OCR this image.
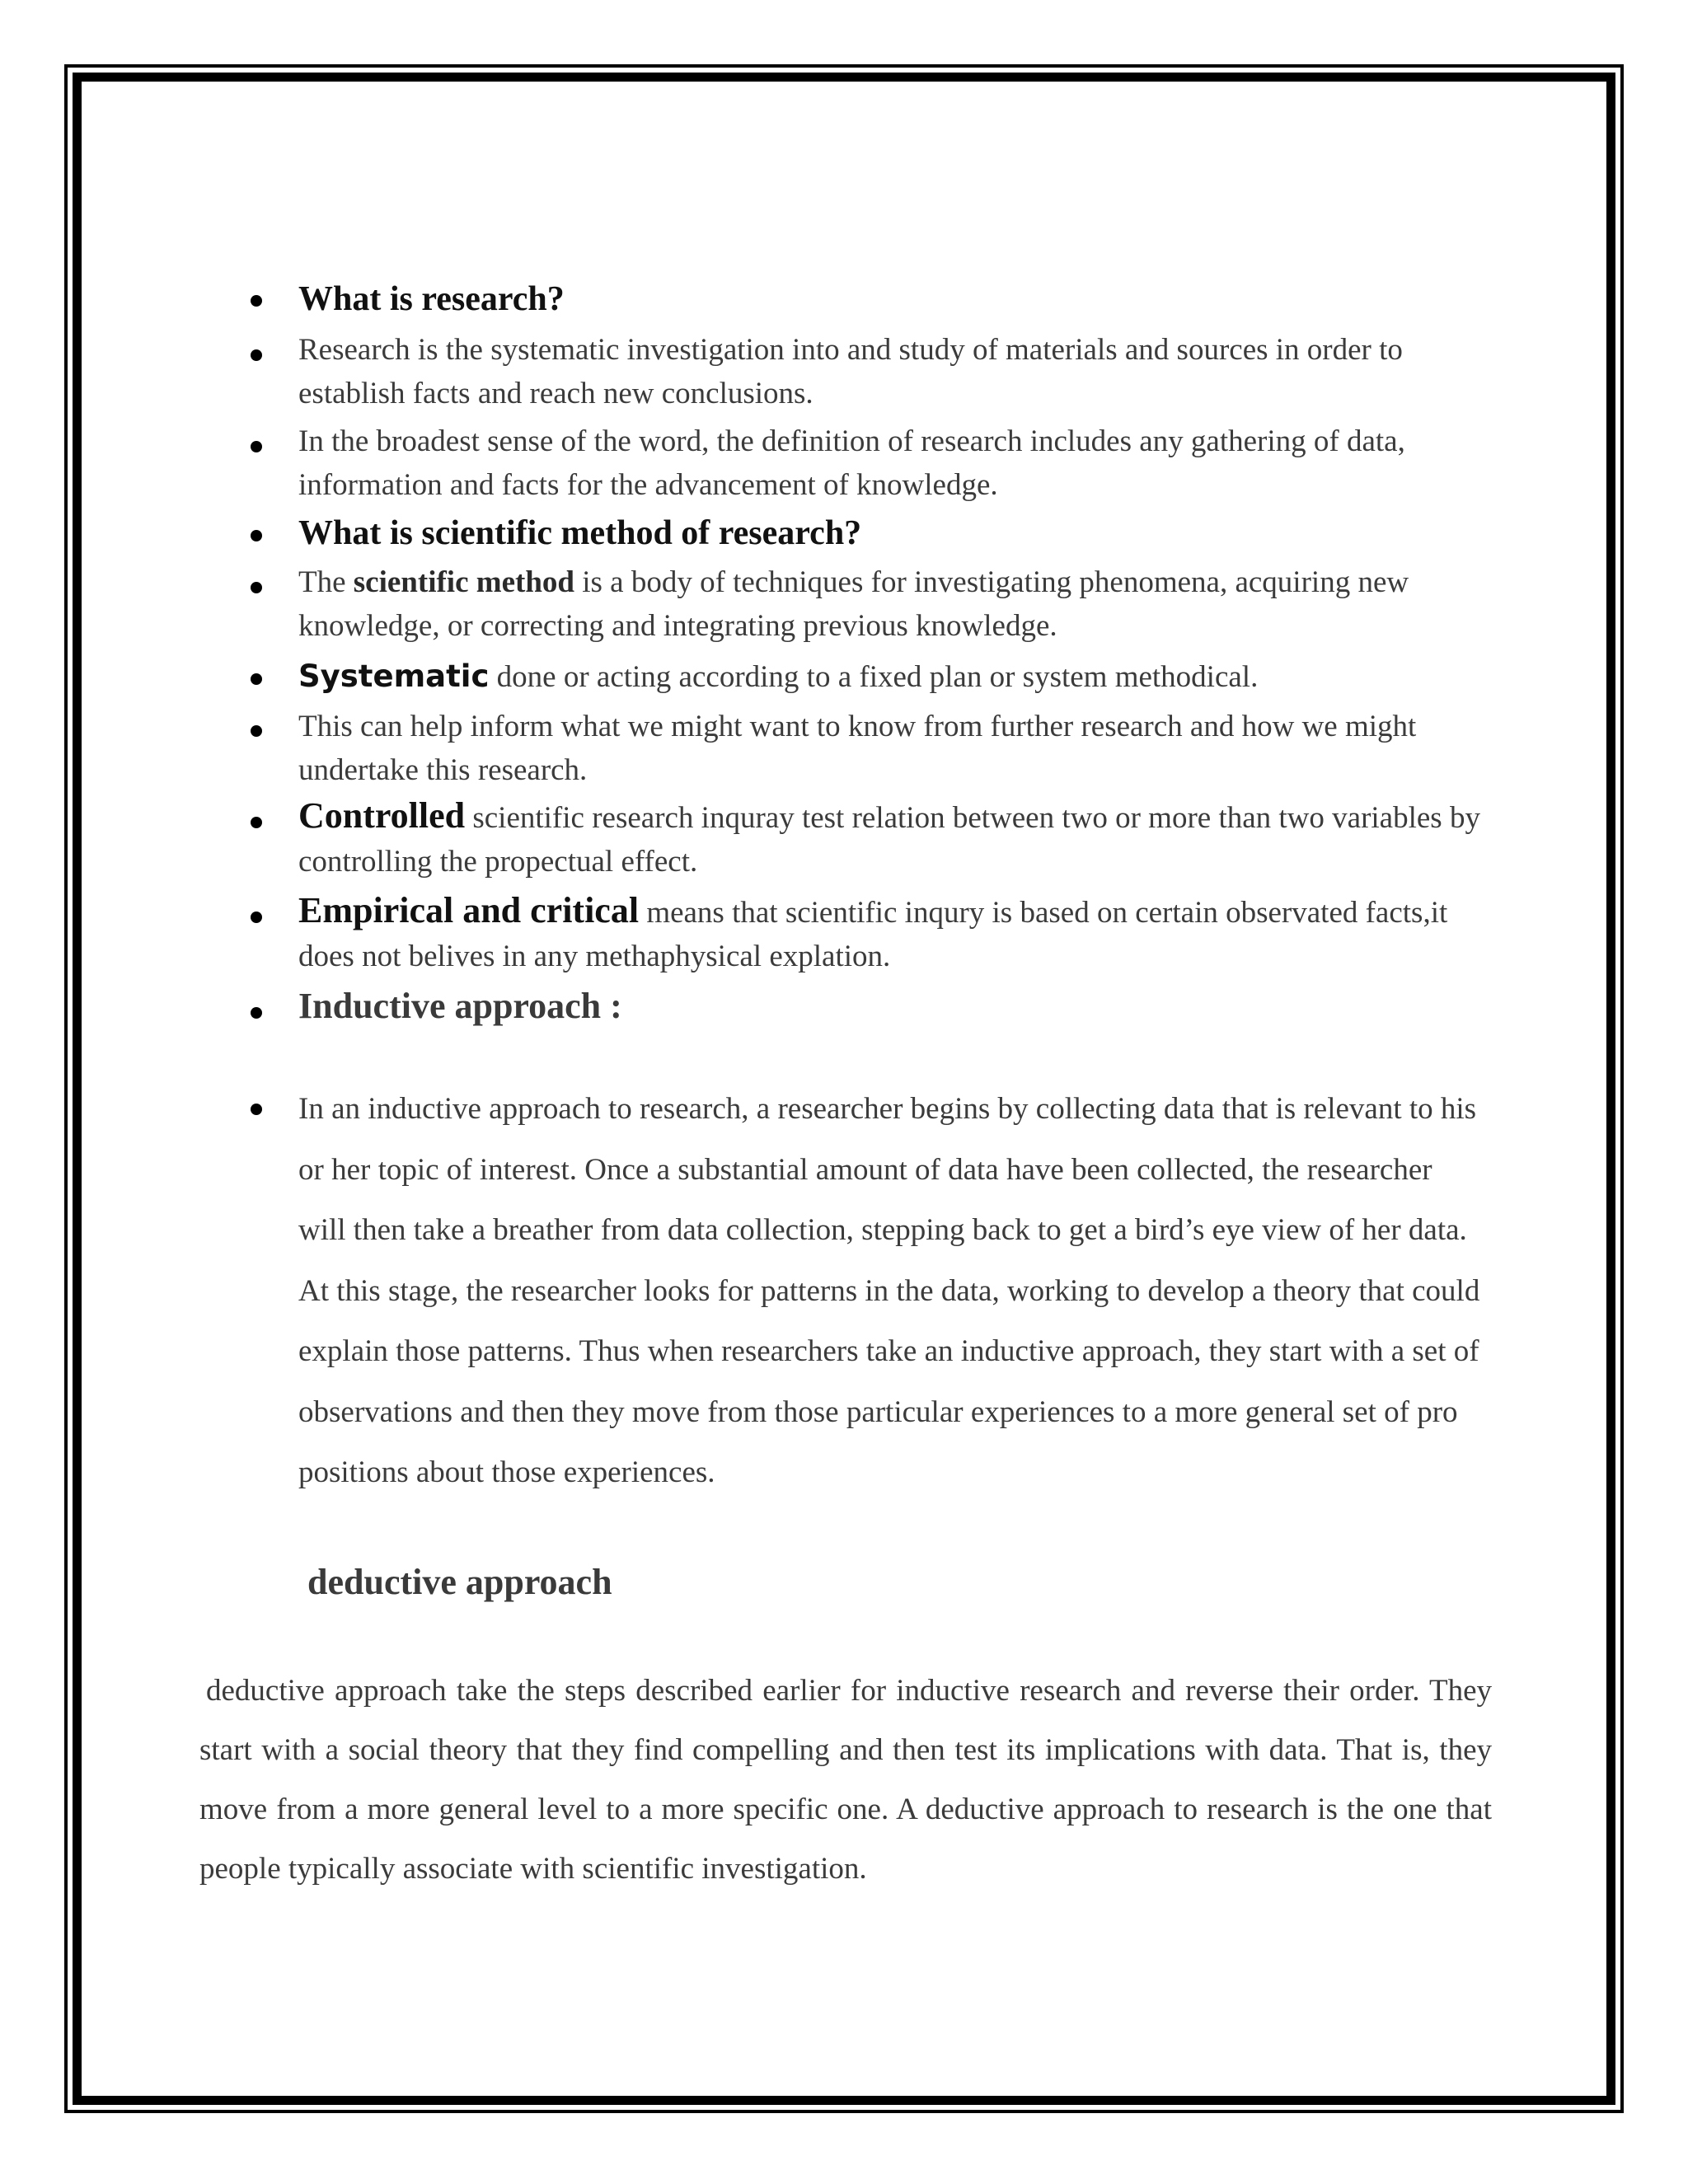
What is research?
Research is the systematic investigation into and study of materials and sources in order to establish facts and reach new conclusions.
In the broadest sense of the word, the definition of research includes any gathering of data, information and facts for the advancement of knowledge.
What is scientific method of research?
The scientific method is a body of techniques for investigating phenomena, acquiring new knowledge, or correcting and integrating previous knowledge.
Systematic done or acting according to a fixed plan or system methodical.
This can help inform what we might want to know from further research and how we might undertake this research.
Controlled scientific research inquray test relation between two or more than two variables by controlling the propectual effect.
Empirical and critical means that scientific inqury is based on certain observated facts,it does not belives in any methaphysical explation.
Inductive approach :
In an inductive approach to research, a researcher begins by collecting data that is relevant to his or her topic of interest. Once a substantial amount of data have been collected, the researcher will then take a breather from data collection, stepping back to get a bird’s eye view of her data. At this stage, the researcher looks for patterns in the data, working to develop a theory that could explain those patterns. Thus when researchers take an inductive approach, they start with a set of observations and then they move from those particular experiences to a more general set of pro positions about those experiences.
deductive approach
deductive approach take the steps described earlier for inductive research and reverse their order. They start with a social theory that they find compelling and then test its implications with data. That is, they move from a more general level to a more specific one. A deductive approach to research is the one that people typically associate with scientific investigation.
